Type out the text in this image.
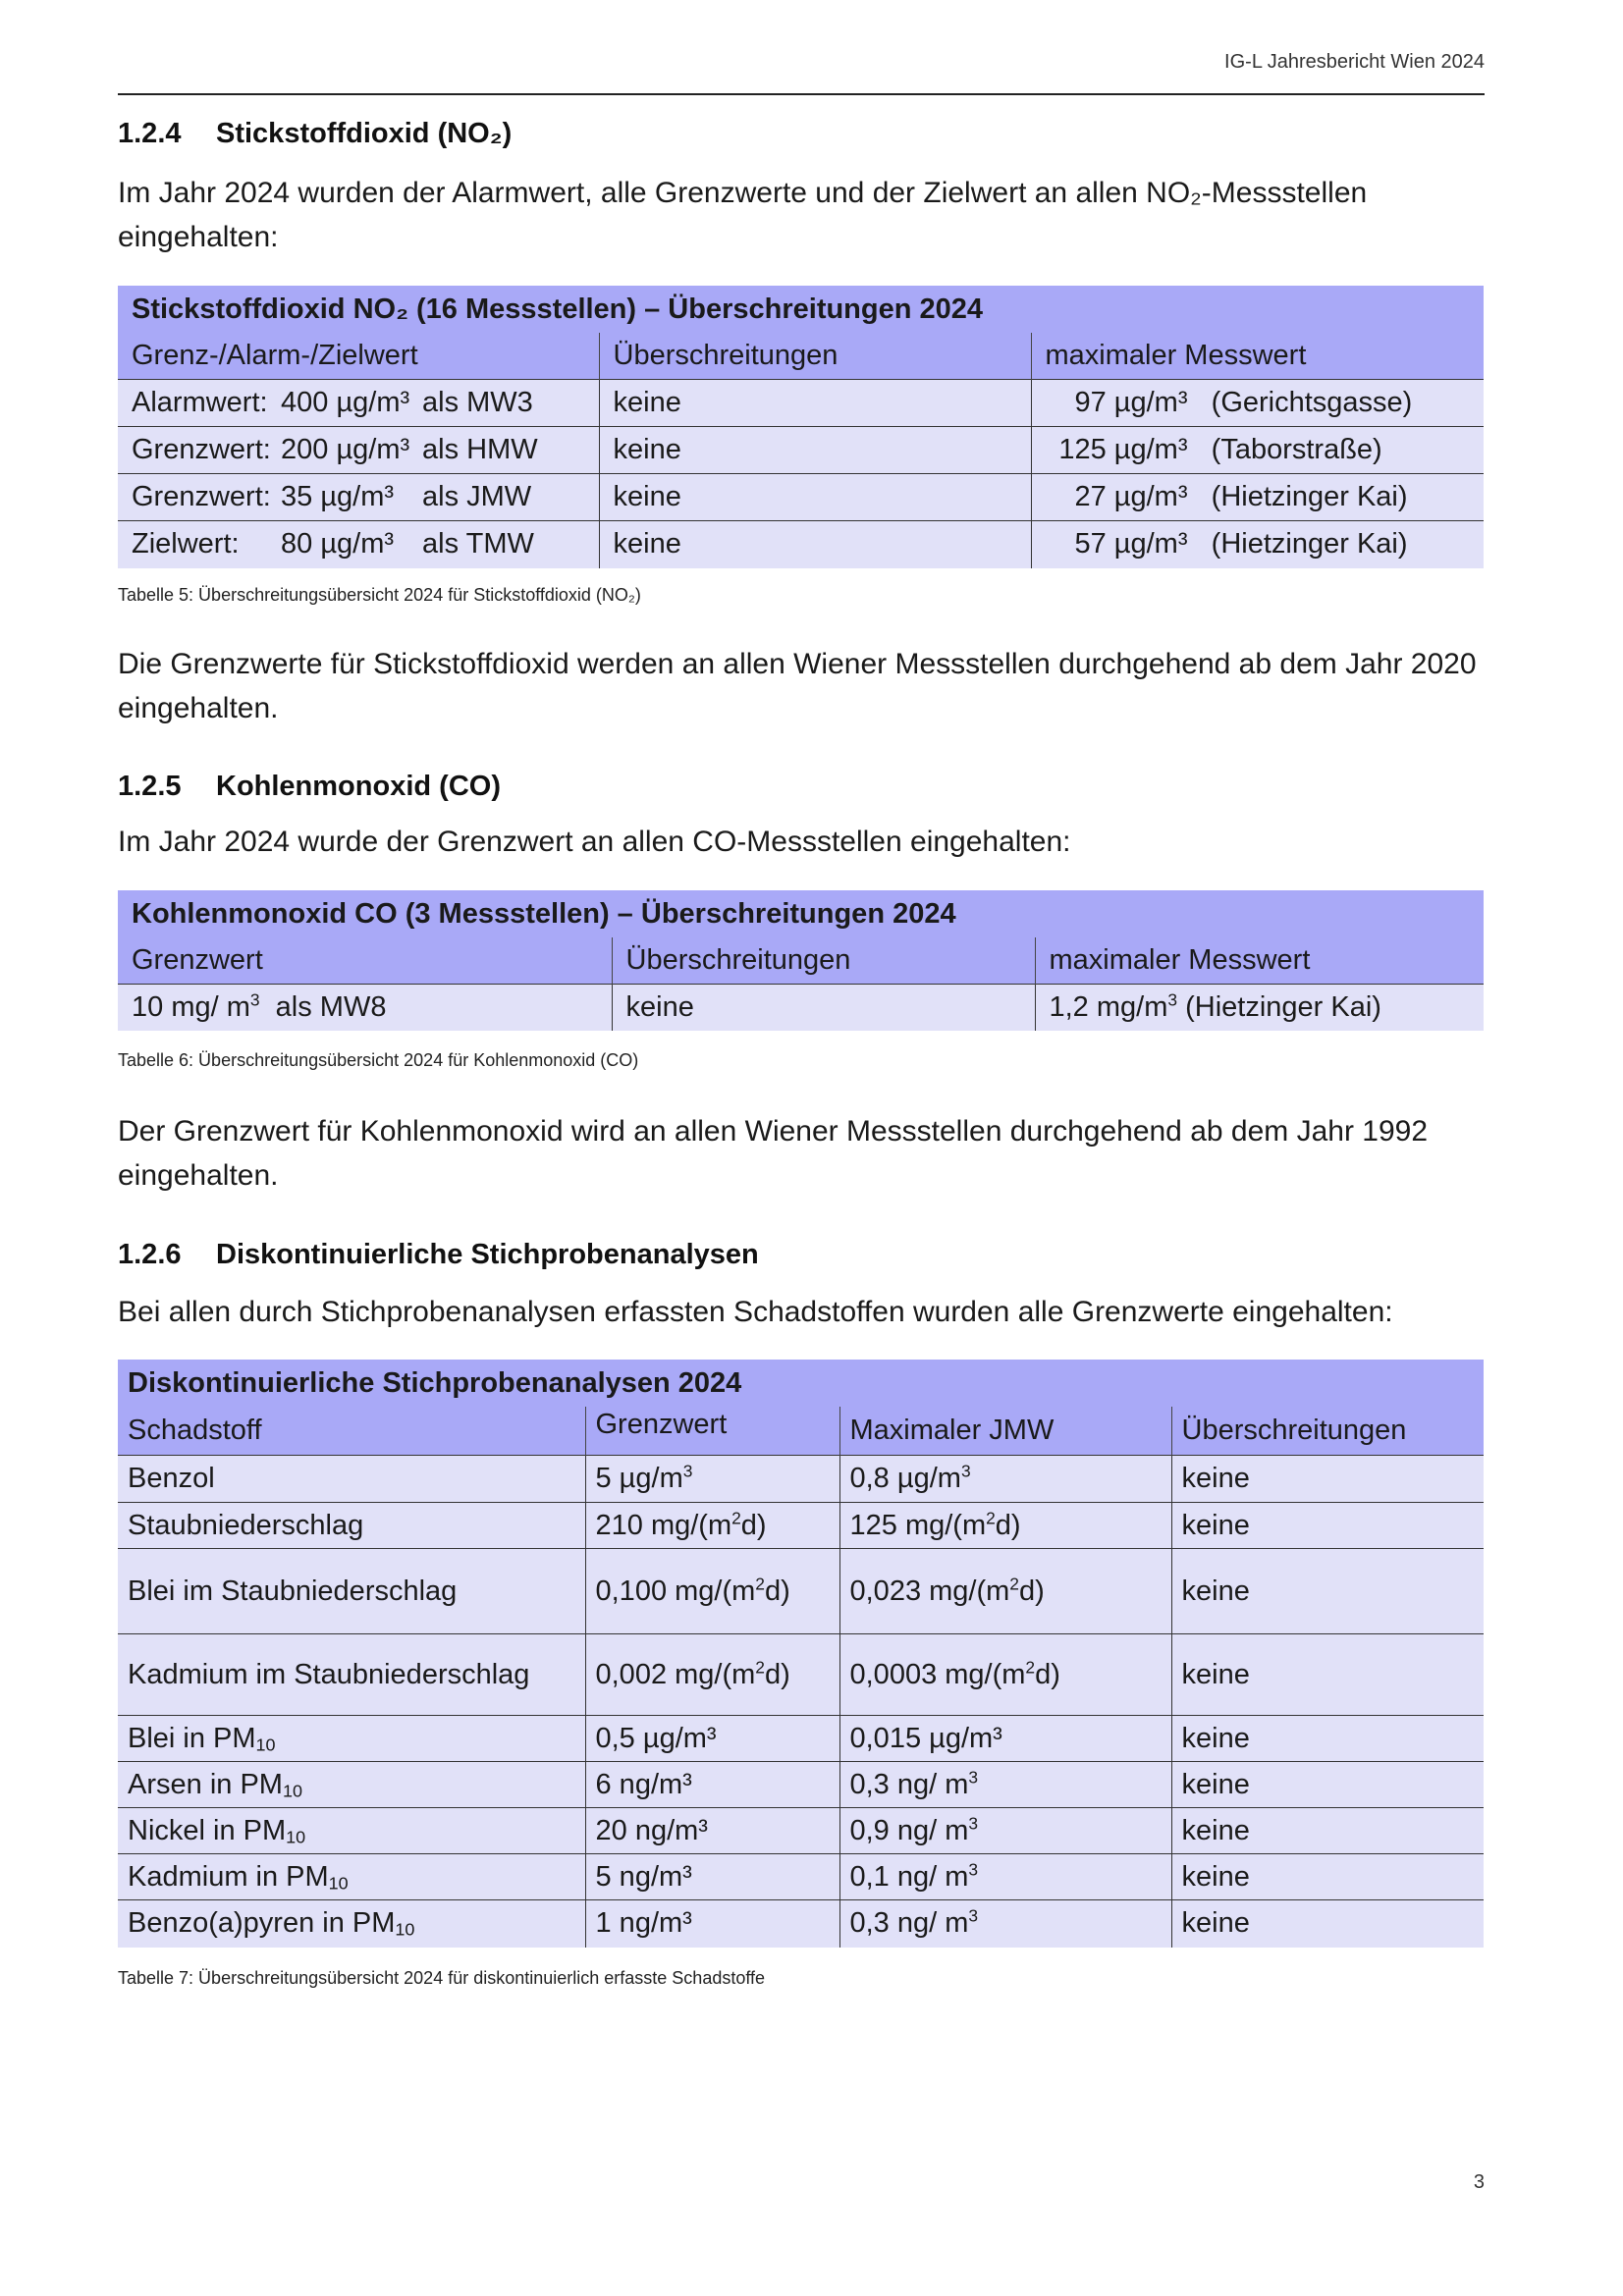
IG-L Jahresbericht Wien 2024
1.2.4 Stickstoffdioxid (NO₂)
Im Jahr 2024 wurden der Alarmwert, alle Grenzwerte und der Zielwert an allen NO₂-Messstellen
eingehalten:
Stickstoffdioxid NO₂ (16 Messstellen) – Überschreitungen 2024		
Grenz-/Alarm-/Zielwert	Überschreitungen	maximaler Messwert
Alarmwert: 400 µg/m³ als MW3	keine	97 µg/m³ (Gerichtsgasse)
Grenzwert: 200 µg/m³ als HMW	keine	125 µg/m³ (Taborstraße)
Grenzwert: 35 µg/m³ als JMW	keine	27 µg/m³ (Hietzinger Kai)
Zielwert: 80 µg/m³ als TMW	keine	57 µg/m³ (Hietzinger Kai)
Tabelle 5: Überschreitungsübersicht 2024 für Stickstoffdioxid (NO₂)
Die Grenzwerte für Stickstoffdioxid werden an allen Wiener Messstellen durchgehend ab dem Jahr 2020
eingehalten.
1.2.5 Kohlenmonoxid (CO)
Im Jahr 2024 wurde der Grenzwert an allen CO-Messstellen eingehalten:
Kohlenmonoxid CO (3 Messstellen) – Überschreitungen 2024		
Grenzwert	Überschreitungen	maximaler Messwert
10 mg/ $m^3$ als MW8	keine	1,2 $mg/m^3$ (Hietzinger Kai)
Tabelle 6: Überschreitungsübersicht 2024 für Kohlenmonoxid (CO)
Der Grenzwert für Kohlenmonoxid wird an allen Wiener Messstellen durchgehend ab dem Jahr 1992
eingehalten.
1.2.6 Diskontinuierliche Stichprobenanalysen
Bei allen durch Stichprobenanalysen erfassten Schadstoffen wurden alle Grenzwerte eingehalten:
Diskontinuierliche Stichprobenanalysen 2024			
Schadstoff	Grenzwert	Maximaler JMW	Überschreitungen
Benzol	5 $\mu g/m^3$	0,8 $\mu g/m^3$	keine
Staubniederschlag	210 $mg/(m^2d)$	125 $mg/(m^2d)$	keine
Blei im Staubniederschlag	0,100 $mg/(m^2d)$	0,023 $mg/(m^2d)$	keine
Kadmium im Staubniederschlag	0,002 $mg/(m^2d)$	0,0003 $mg/(m^2d)$	keine
Blei in $PM_{10}$	0,5 µg/m³	0,015 µg/m³	keine
Arsen in $PM_{10}$	6 ng/m³	0,3 ng/ $m^3$	keine
Nickel in $PM_{10}$	20 ng/m³	0,9 ng/ $m^3$	keine
Kadmium in $PM_{10}$	5 ng/m³	0,1 ng/ $m^3$	keine
Benzo(a)pyren in $PM_{10}$	1 ng/m³	0,3 ng/ $m^3$	keine
Tabelle 7: Überschreitungsübersicht 2024 für diskontinuierlich erfasste Schadstoffe
3
